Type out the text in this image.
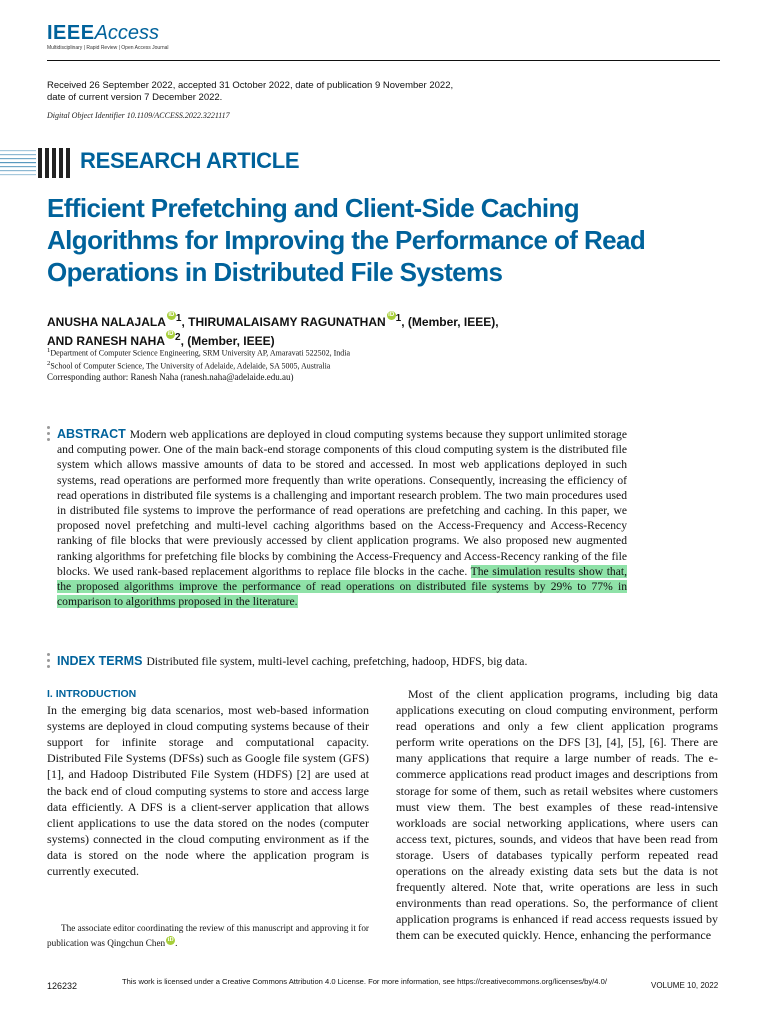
IEEEAccess
Multidisciplinary | Rapid Review | Open Access Journal
Received 26 September 2022, accepted 31 October 2022, date of publication 9 November 2022,
date of current version 7 December 2022.
Digital Object Identifier 10.1109/ACCESS.2022.3221117
RESEARCH ARTICLE
Efficient Prefetching and Client-Side Caching Algorithms for Improving the Performance of Read Operations in Distributed File Systems
ANUSHA NALAJALA iD $^1$, THIRUMALAISAMY RAGUNATHAN iD $^1$, (Member, IEEE),
AND RANESH NAHA iD $^2$, (Member, IEEE)
$^1$Department of Computer Science Engineering, SRM University AP, Amaravati 522502, India
$^2$School of Computer Science, The University of Adelaide, Adelaide, SA 5005, Australia
Corresponding author: Ranesh Naha (ranesh.naha@adelaide.edu.au)
ABSTRACT Modern web applications are deployed in cloud computing systems because they support unlimited storage and computing power. One of the main back-end storage components of this cloud computing system is the distributed file system which allows massive amounts of data to be stored and accessed. In most web applications deployed in such systems, read operations are performed more frequently than write operations. Consequently, increasing the efficiency of read operations in distributed file systems is a challenging and important research problem. The two main procedures used in distributed file systems to improve the performance of read operations are prefetching and caching. In this paper, we proposed novel prefetching and multi-level caching algorithms based on the Access-Frequency and Access-Recency ranking of file blocks that were previously accessed by client application programs. We also proposed new augmented ranking algorithms for prefetching file blocks by combining the Access-Frequency and Access-Recency ranking of the file blocks. We used rank-based replacement algorithms to replace file blocks in the cache. The simulation results show that, the proposed algorithms improve the performance of read operations on distributed file systems by 29% to 77% in comparison to algorithms proposed in the literature.
INDEX TERMS Distributed file system, multi-level caching, prefetching, hadoop, HDFS, big data.
I. INTRODUCTION

In the emerging big data scenarios, most web-based information systems are deployed in cloud computing systems because of their support for infinite storage and computational capacity. Distributed File Systems (DFSs) such as Google file system (GFS) [1], and Hadoop Distributed File System (HDFS) [2] are used at the back end of cloud computing systems to store and access large data efficiently. A DFS is a client-server application that allows client applications to use the data stored on the nodes (computer systems) connected in the cloud computing environment as if the data is stored on the node where the application program is currently executed.

Most of the client application programs, including big data applications executing on cloud computing environment, perform read operations and only a few client application programs perform write operations on the DFS [3], [4], [5], [6]. There are many applications that require a large number of reads. The e-commerce applications read product images and descriptions from storage for some of them, such as retail websites where customers must view them. The best examples of these read-intensive workloads are social networking applications, where users can access text, pictures, sounds, and videos that have been read from storage. Users of databases typically perform repeated read operations on the already existing data sets but the data is not frequently altered. Note that, write operations are less in such environments than read operations. So, the performance of client application programs is enhanced if read access requests issued by them can be executed quickly. Hence, enhancing the performance

The associate editor coordinating the review of this manuscript and approving it for publication was Qingchun Chen iD .
126232	This work is licensed under a Creative Commons Attribution 4.0 License. For more information, see https://creativecommons.org/licenses/by/4.0/	VOLUME 10, 2022
